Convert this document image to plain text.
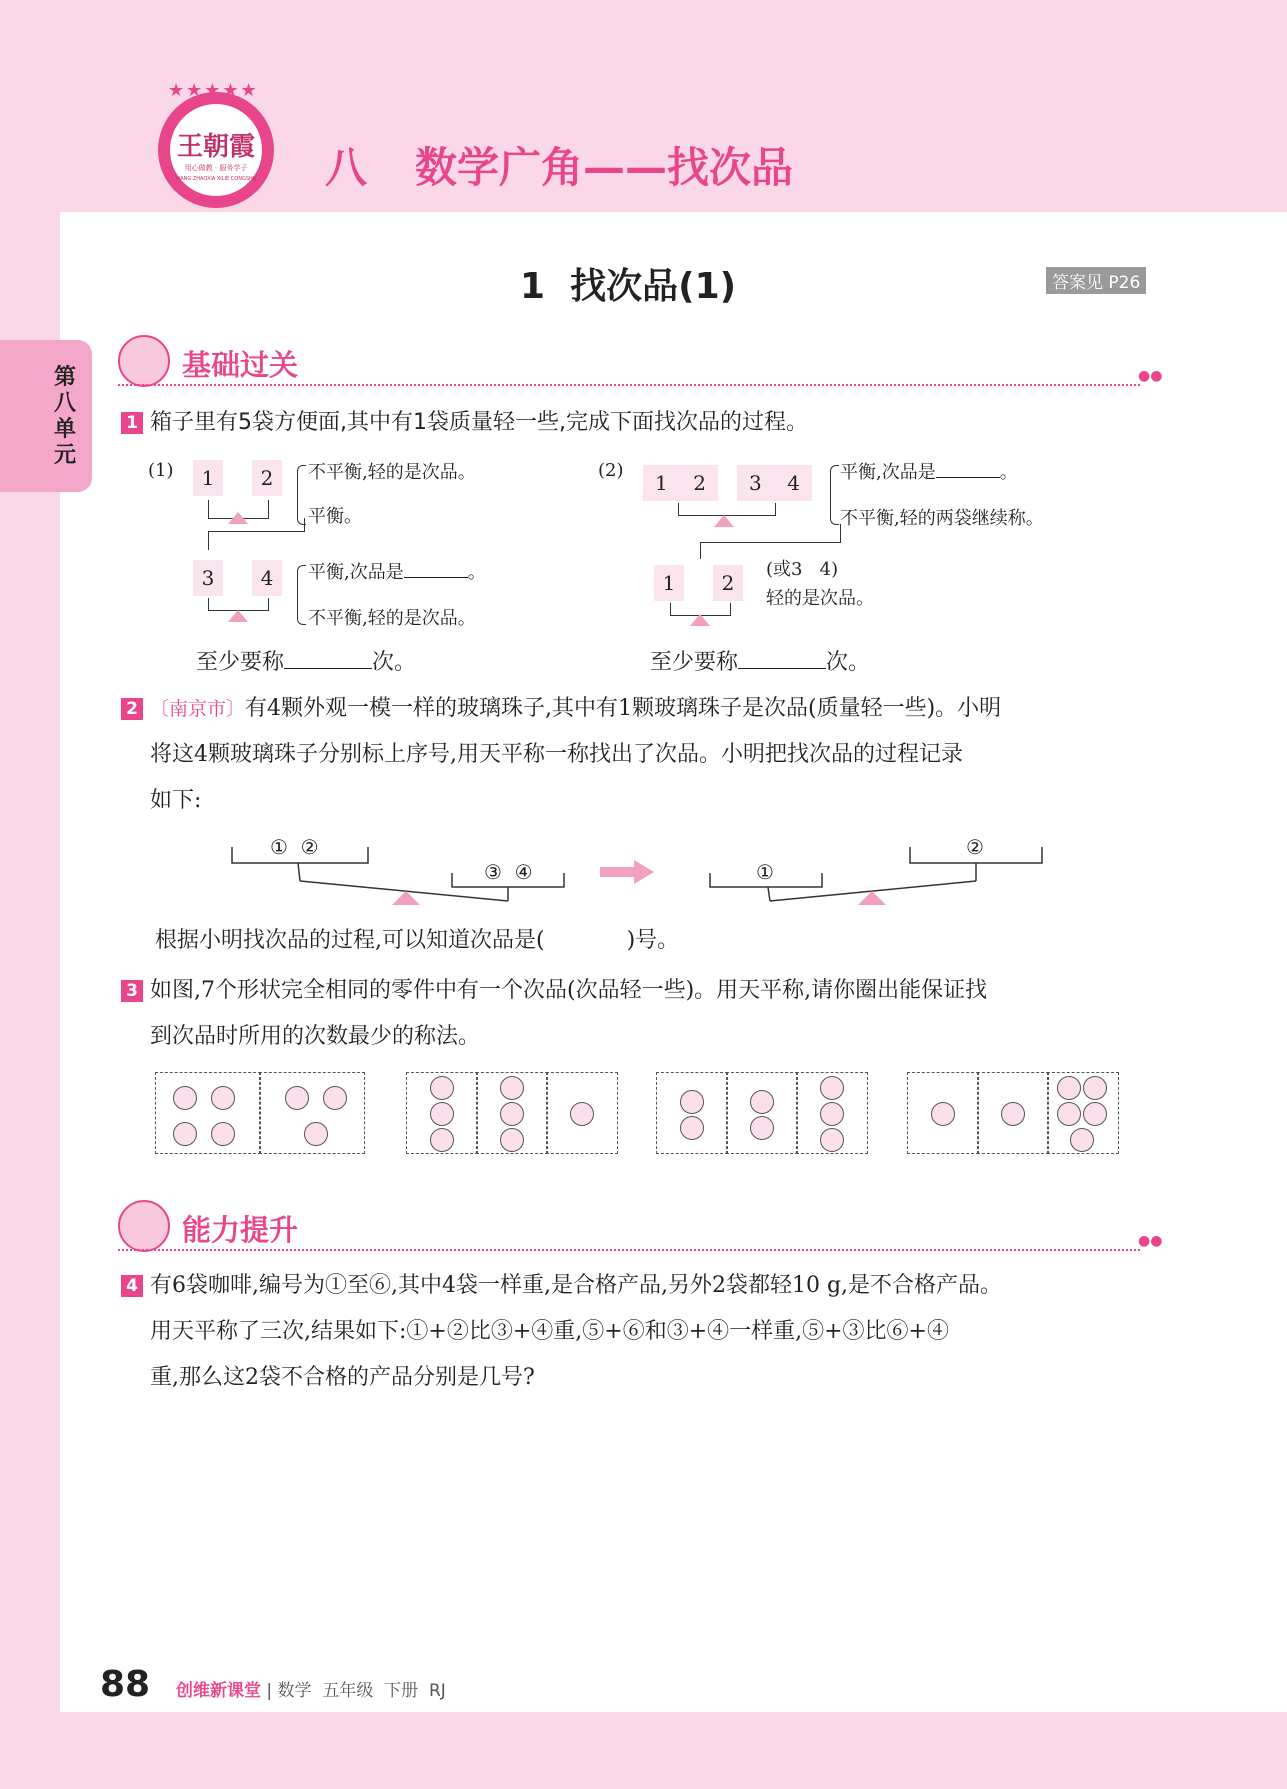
王朝霞
用心做教 · 服务学子
WANG ZHAOXIA XILIE CONGSHU
★★★★★
八 数学广角——找次品
第八单元
1  找次品(1)	答案见 P26
基础过关	●●
1 箱子里有5袋方便面,其中有1袋质量轻一些,完成下面找次品的过程。
(1)	1	2	不平衡,轻的是次品。
平衡。
3	4	平衡,次品是	。
不平衡,轻的是次品。
至少要称	次。
(2)
1 2	3 4	平衡,次品是	。
不平衡,轻的两袋继续称。
1	2
(或3   4)
轻的是次品。
至少要称	次。
2 〔南京市〕有4颗外观一模一样的玻璃珠子,其中有1颗玻璃珠子是次品(质量轻一些)。小明
将这4颗玻璃珠子分别标上序号,用天平称一称找出了次品。小明把找次品的过程记录
如下:
①  ②
③  ④	①
②
根据小明找次品的过程,可以知道次品是(	)号。
3 如图,7个形状完全相同的零件中有一个次品(次品轻一些)。用天平称,请你圈出能保证找
到次品时所用的次数最少的称法。
能力提升	●●
4 有6袋咖啡,编号为①至⑥,其中4袋一样重,是合格产品,另外2袋都轻10 g,是不合格产品。
用天平称了三次,结果如下:①+②比③+④重,⑤+⑥和③+④一样重,⑤+③比⑥+④
重,那么这2袋不合格的产品分别是几号?
88 创维新课堂 | 数学  五年级  下册  RJ
